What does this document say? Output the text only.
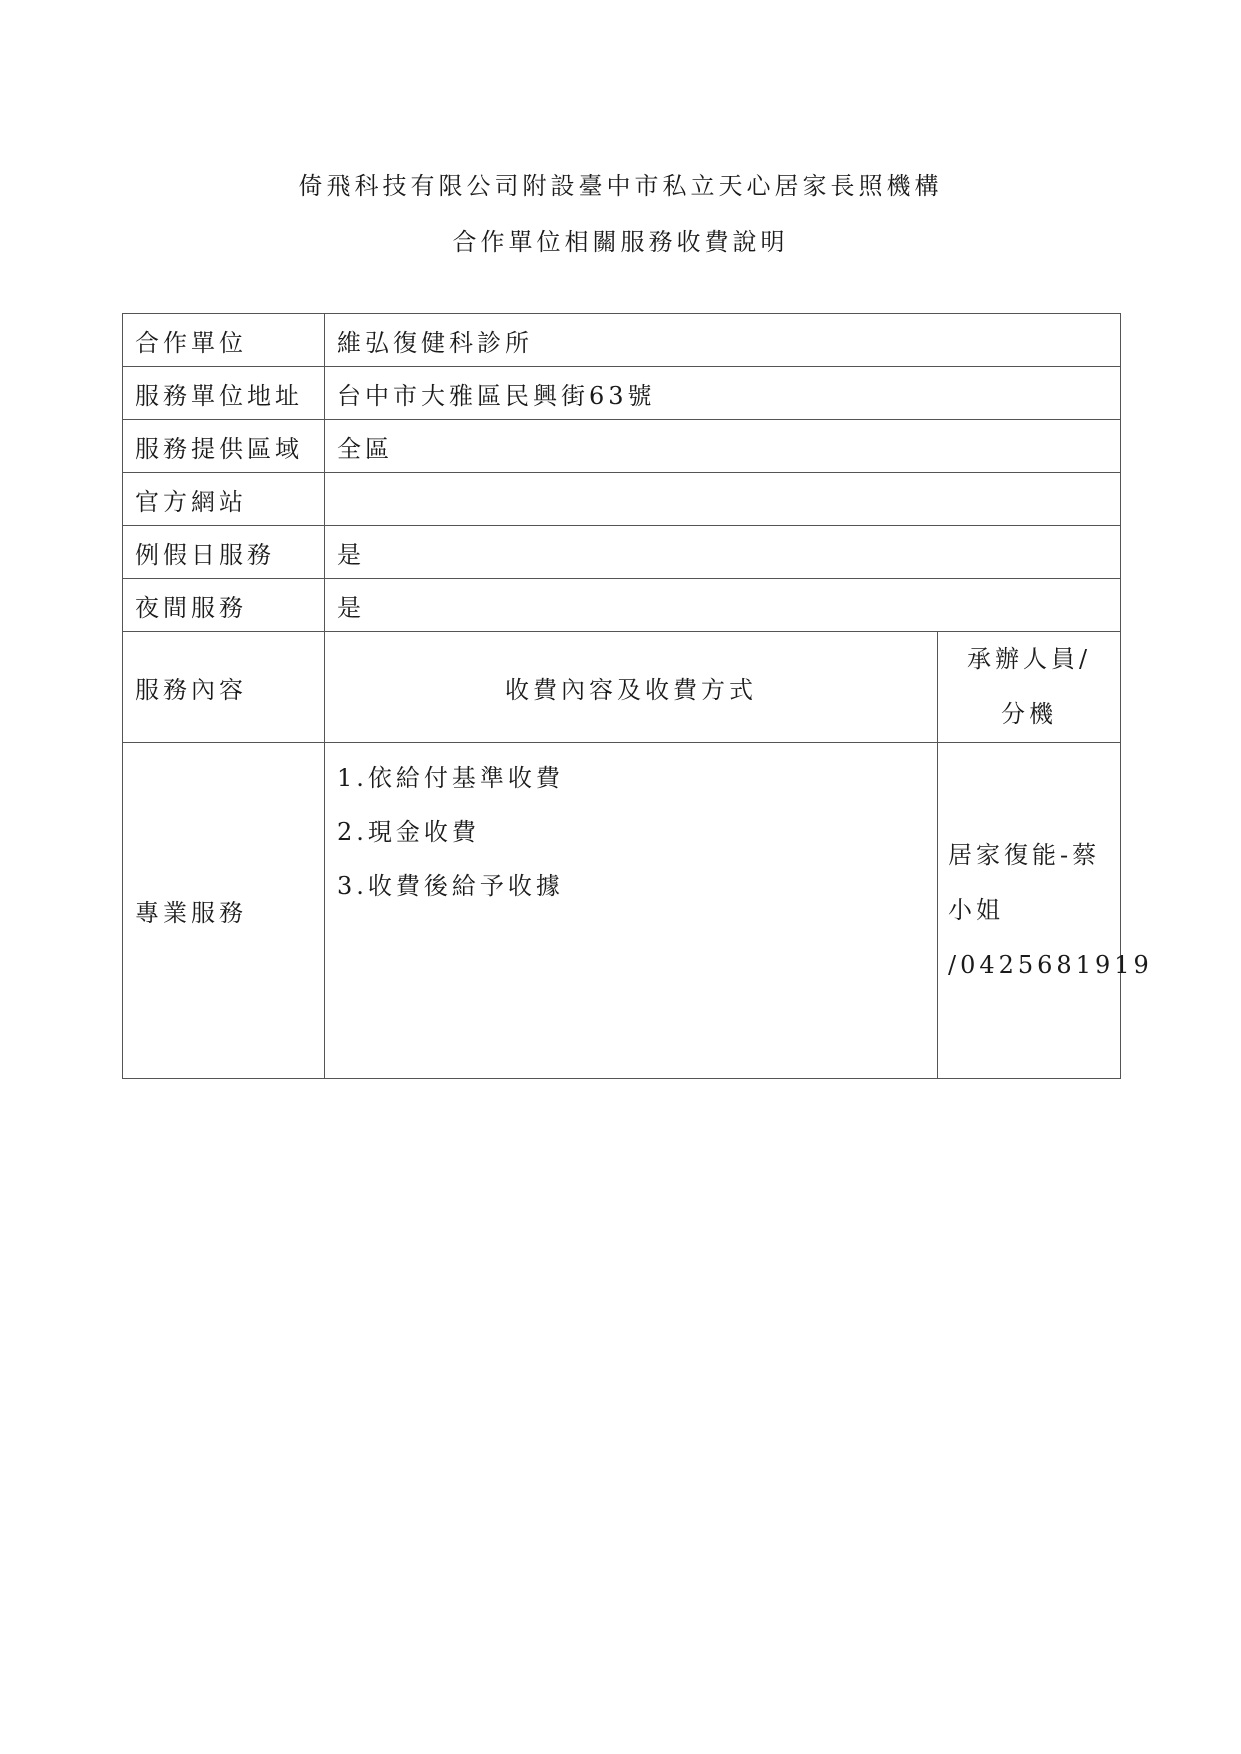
倚飛科技有限公司附設臺中市私立天心居家長照機構
合作單位相關服務收費說明
合作單位	維弘復健科診所	
服務單位地址	台中市大雅區民興街63號	
服務提供區域	全區	
官方網站		
例假日服務	是	
夜間服務	是	
服務內容	收費內容及收費方式	承辦人員/
分機
專業服務	1.依給付基準收費
2.現金收費
3.收費後給予收據	居家復能-蔡
小姐
/0425681919
